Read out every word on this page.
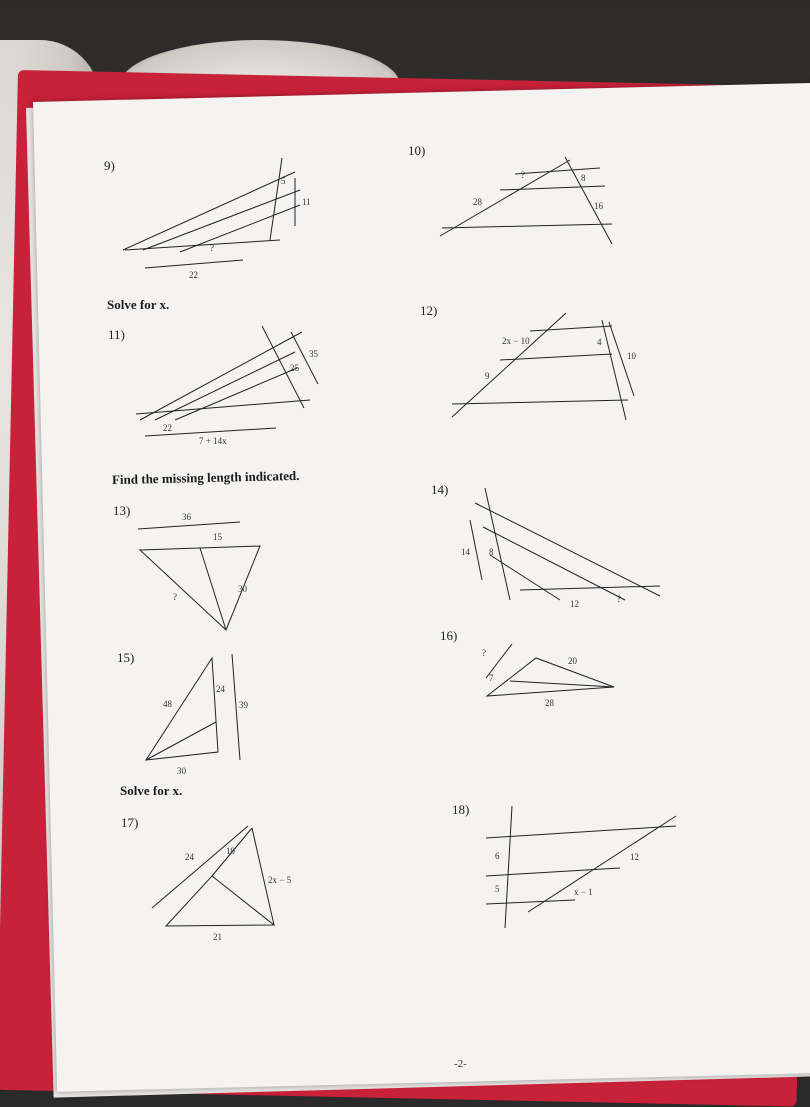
9)
10)
11)
12)
13)
14)
15)
16)
17)
18)
Solve for x.
Find the missing length indicated.
Solve for x.
5
11
?
22
?	8
28	16
35
25
22
7 + 14x
2x − 10	4
10
9
36
15
30
?
14 8
12	?
48
24
39
30
?
7
20
28
24
10
2x − 5
21
6
5	x − 1
12
-2-
